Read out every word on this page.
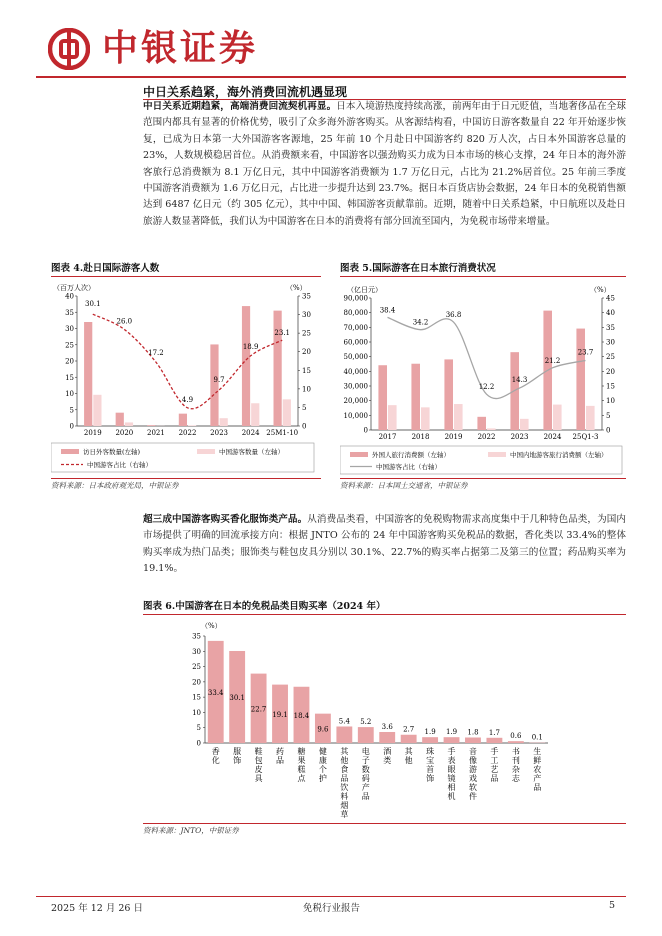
中银证券
中日关系趋紧，海外消费回流机遇显现
中日关系近期趋紧，高端消费回流契机再显。日本入境游热度持续高涨，前两年由于日元贬值，当地奢侈品在全球范围内都具有显著的价格优势，吸引了众多海外游客购买。从客源结构看，中国访日游客数量自 22 年开始逐步恢复，已成为日本第一大外国游客客源地，25 年前 10 个月赴日中国游客约 820 万人次，占日本外国游客总量的 23%，人数规模稳居首位。从消费额来看，中国游客以强劲购买力成为日本市场的核心支撑，24 年日本的海外游客旅行总消费额为 8.1 万亿日元，其中中国游客消费额为 1.7 万亿日元，占比为 21.2%居首位。25 年前三季度中国游客消费额为 1.6 万亿日元，占比进一步提升达到 23.7%。据日本百货店协会数据，24 年日本的免税销售额达到 6487 亿日元（约 305 亿元），其中中国、韩国游客贡献靠前。近期，随着中日关系趋紧，中日航班以及赴日旅游人数显著降低，我们认为中国游客在日本的消费将有部分回流至国内，为免税市场带来增量。
图表 4.赴日国际游客人数
（百万人次）	（%）
0
5
10
15
20
25
30
35
40
0
5
10
15
20
25
30
35
2019 2020 2021 2022 2023 2024 25M1-10
30.1
26.0
17.2
4.9
9.7
18.9
23.1
访日外客数量(左轴)	中国游客数量（左轴）
中国游客占比（右轴）
资料来源：日本政府观光局，中银证券
图表 5.国际游客在日本旅行消费状况
（亿日元）	（%）
0
10,000
20,000
30,000
40,000
50,000
60,000
70,000
80,000
90,000
0
5
10
15
20
25
30
35
40
45
2017 2018 2019 2022 2023 2024 25Q1-3
38.4
34.2
36.8
12.2
14.3
21.2
23.7
外国人旅行消费额（左轴）	中国内地游客旅行消费额（左轴）
中国游客占比（右轴）
资料来源：日本国土交通省，中银证券
超三成中国游客购买香化服饰类产品。从消费品类看，中国游客的免税购物需求高度集中于几种特色品类，为国内市场提供了明确的回流承接方向：根据 JNTO 公布的 24 年中国游客购买免税品的数据，香化类以 33.4%的整体购买率成为热门品类；服饰类与鞋包皮具分别以 30.1%、22.7%的购买率占据第二及第三的位置；药品购买率为 19.1%。
图表 6.中国游客在日本的免税品类目购买率（2024 年）
（%）
0
5
10
15
20
25
30
35
33.4
香
化
30.1
服
饰
22.7
鞋
包
皮
具
19.1
药
品
18.4
糖
果
糕
点
9.6
健
康
个
护
5.4
其
他
食
品
饮
料
烟
草
5.2
电
子
数
码
产
品
3.6
酒
类
2.7
其
他
1.9
珠
宝
首
饰
1.9
手
表
眼
镜
相
机
1.8
音
像
游
戏
软
件
1.7
手
工
艺
品
0.6
书
刊
杂
志
0.1
生
鲜
农
产
品
资料来源：JNTO，中银证券
2025 年 12 月 26 日	免税行业报告	5
